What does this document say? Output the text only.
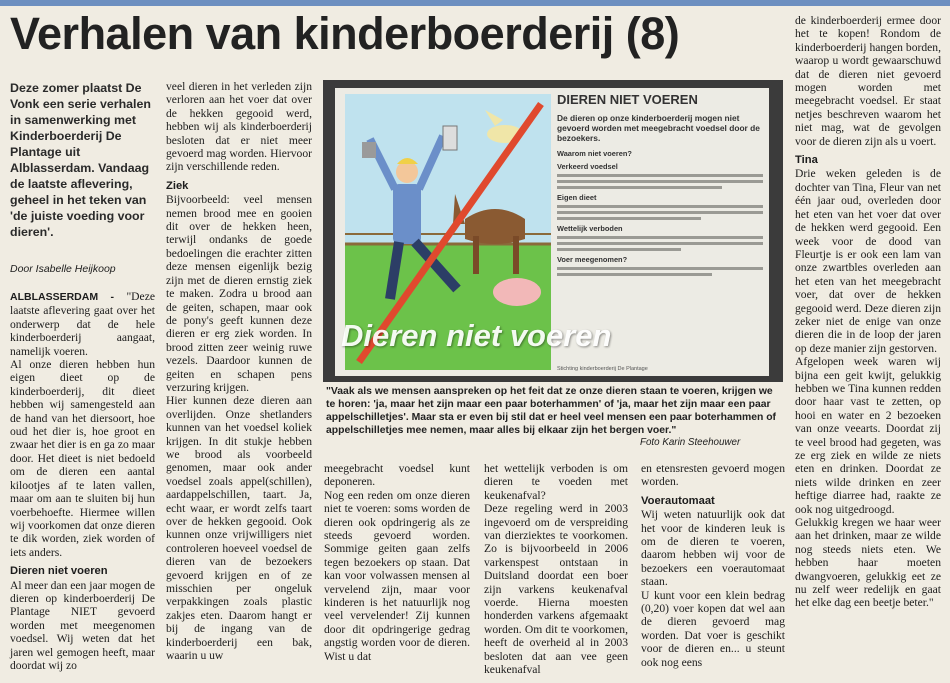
Verhalen van kinderboerderij (8)
Deze zomer plaatst De Vonk een serie verhalen in samenwerking met Kinderboerderij De Plantage uit Alblasserdam. Vandaag de laatste aflevering, geheel in het teken van 'de juiste voeding voor dieren'.
Door Isabelle Heijkoop

ALBLASSERDAM - "Deze laatste aflevering gaat over het onderwerp dat de hele kinderboerderij aangaat, namelijk voeren.

Al onze dieren hebben hun eigen dieet op de kinderboerderij, dit dieet hebben wij samengesteld aan de hand van het diersoort, hoe oud het dier is, hoe groot en zwaar het dier is en ga zo maar door. Het dieet is niet bedoeld om de dieren een aantal kilootjes af te laten vallen, maar om aan te sluiten bij hun voerbehoefte. Hiermee willen wij voorkomen dat onze dieren te dik worden, ziek worden of iets anders.

Dieren niet voeren

Al meer dan een jaar mogen de dieren op kinderboerderij De Plantage NIET gevoerd worden met meegenomen voedsel. Wij weten dat het jaren wel gemogen heeft, maar doordat wij zo

veel dieren in het verleden zijn verloren aan het voer dat over de hekken gegooid werd, hebben wij als kinderboerderij besloten dat er niet meer gevoerd mag worden. Hiervoor zijn verschillende reden.

Ziek

Bijvoorbeeld: veel mensen nemen brood mee en gooien dit over de hekken heen, terwijl ondanks de goede bedoelingen die erachter zitten deze mensen eigenlijk bezig zijn met de dieren ernstig ziek te maken. Zodra u brood aan de geiten, schapen, maar ook de pony's geeft kunnen deze dieren er erg ziek worden. In brood zitten zeer weinig ruwe vezels. Daardoor kunnen de geiten en schapen pens verzuring krijgen.

Hier kunnen deze dieren aan overlijden. Onze shetlanders kunnen van het voedsel koliek krijgen. In dit stukje hebben we brood als voorbeeld genomen, maar ook ander voedsel zoals appel(schillen), aardappelschillen, taart. Ja, echt waar, er wordt zelfs taart over de hekken gegooid. Ook kunnen onze vrijwilligers niet controleren hoeveel voedsel de dieren van de bezoekers gevoerd krijgen en of ze misschien per ongeluk verpakkingen zoals plastic zakjes eten. Daarom hangt er bij de ingang van de kinderboerderij een bak, waarin u uw

DIEREN NIET VOEREN
De dieren op onze kinderboerderij mogen niet gevoerd worden met meegebracht voedsel door de bezoekers.
Waarom niet voeren?
Verkeerd voedsel
Eigen dieet
Wettelijk verboden
Voer meegenomen?
Stichting kinderboerderij De Plantage
Dieren niet voeren
"Vaak als we mensen aanspreken op het feit dat ze onze dieren staan te voeren, krijgen we te horen: 'ja, maar het zijn maar een paar boterhammen' of 'ja, maar het zijn maar een paar appelschilletjes'. Maar sta er even bij stil dat er heel veel mensen een paar boterhammen of appelschilletjes mee nemen, maar alles bij elkaar zijn het bergen voer."
Foto Karin Steehouwer

meegebracht voedsel kunt deponeren.

Nog een reden om onze dieren niet te voeren: soms worden de dieren ook opdringerig als ze steeds gevoerd worden. Sommige geiten gaan zelfs tegen bezoekers op staan. Dat kan voor volwassen mensen al vervelend zijn, maar voor kinderen is het natuurlijk nog veel vervelender! Zij kunnen door dit opdringerige gedrag angstig worden voor de dieren. Wist u dat

het wettelijk verboden is om dieren te voeden met keukenafval?

Deze regeling werd in 2003 ingevoerd om de verspreiding van dierziektes te voorkomen. Zo is bijvoorbeeld in 2006 varkenspest ontstaan in Duitsland doordat een boer zijn varkens keukenafval voerde. Hierna moesten honderden varkens afgemaakt worden. Om dit te voorkomen, heeft de overheid al in 2003 besloten dat aan vee geen keukenafval

en etensresten gevoerd mogen worden.

Voerautomaat

Wij weten natuurlijk ook dat het voor de kinderen leuk is om de dieren te voeren, daarom hebben wij voor de bezoekers een voerautomaat staan.

U kunt voor een klein bedrag (0,20) voer kopen dat wel aan de dieren gevoerd mag worden. Dat voer is geschikt voor de dieren en... u steunt ook nog eens

de kinderboerderij ermee door het te kopen! Rondom de kinderboerderij hangen borden, waarop u wordt gewaarschuwd dat de dieren niet gevoerd mogen worden met meegebracht voedsel. Er staat netjes beschreven waarom het niet mag, wat de gevolgen voor de dieren zijn als u voert.

Tina

Drie weken geleden is de dochter van Tina, Fleur van net één jaar oud, overleden door het eten van het voer dat over de hekken werd gegooid. Een week voor de dood van Fleurtje is er ook een lam van onze zwartbles overleden aan het eten van het meegebracht voer, dat over de hekken gegooid werd. Deze dieren zijn zeker niet de enige van onze dieren die in de loop der jaren op deze manier zijn gestorven.

Afgelopen week waren wij bijna een geit kwijt, gelukkig hebben we Tina kunnen redden door haar vast te zetten, op hooi en water en 2 bezoeken van onze veearts. Doordat zij te veel brood had gegeten, was ze erg ziek en wilde ze niets eten en drinken. Doordat ze niets wilde drinken en zeer heftige diarree had, raakte ze ook nog uitgedroogd.

Gelukkig kregen we haar weer aan het drinken, maar ze wilde nog steeds niets eten. We hebben haar moeten dwangvoeren, gelukkig eet ze nu zelf weer redelijk en gaat het elke dag een beetje beter."
